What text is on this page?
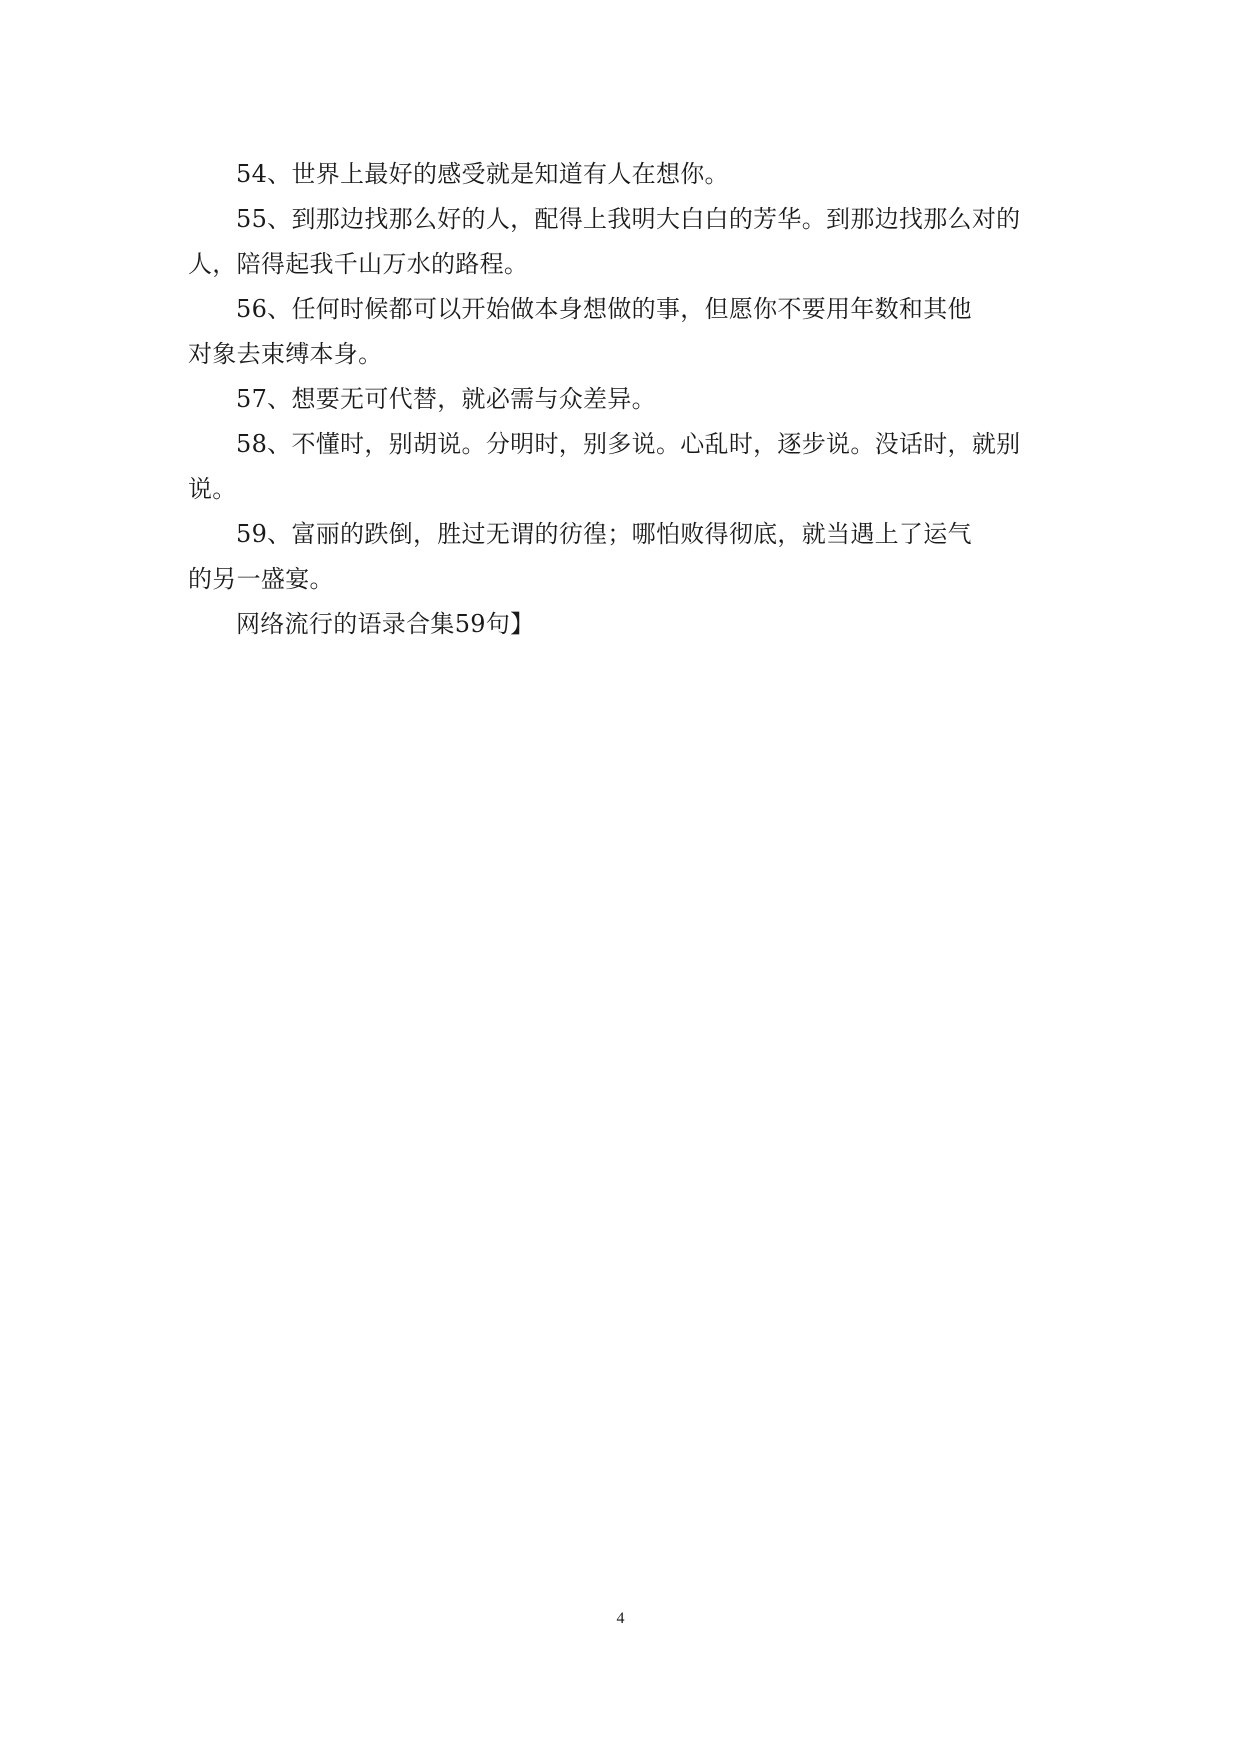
54、世界上最好的感受就是知道有人在想你。

55、到那边找那么好的人，配得上我明大白白的芳华。到那边找那么对的人，陪得起我千山万水的路程。

56、任何时候都可以开始做本身想做的事，但愿你不要用年数和其他对象去束缚本身。

57、想要无可代替，就必需与众差异。

58、不懂时，别胡说。分明时，别多说。心乱时，逐步说。没话时，就别说。

59、富丽的跌倒，胜过无谓的彷徨；哪怕败得彻底，就当遇上了运气的另一盛宴。

网络流行的语录合集59句】

4
